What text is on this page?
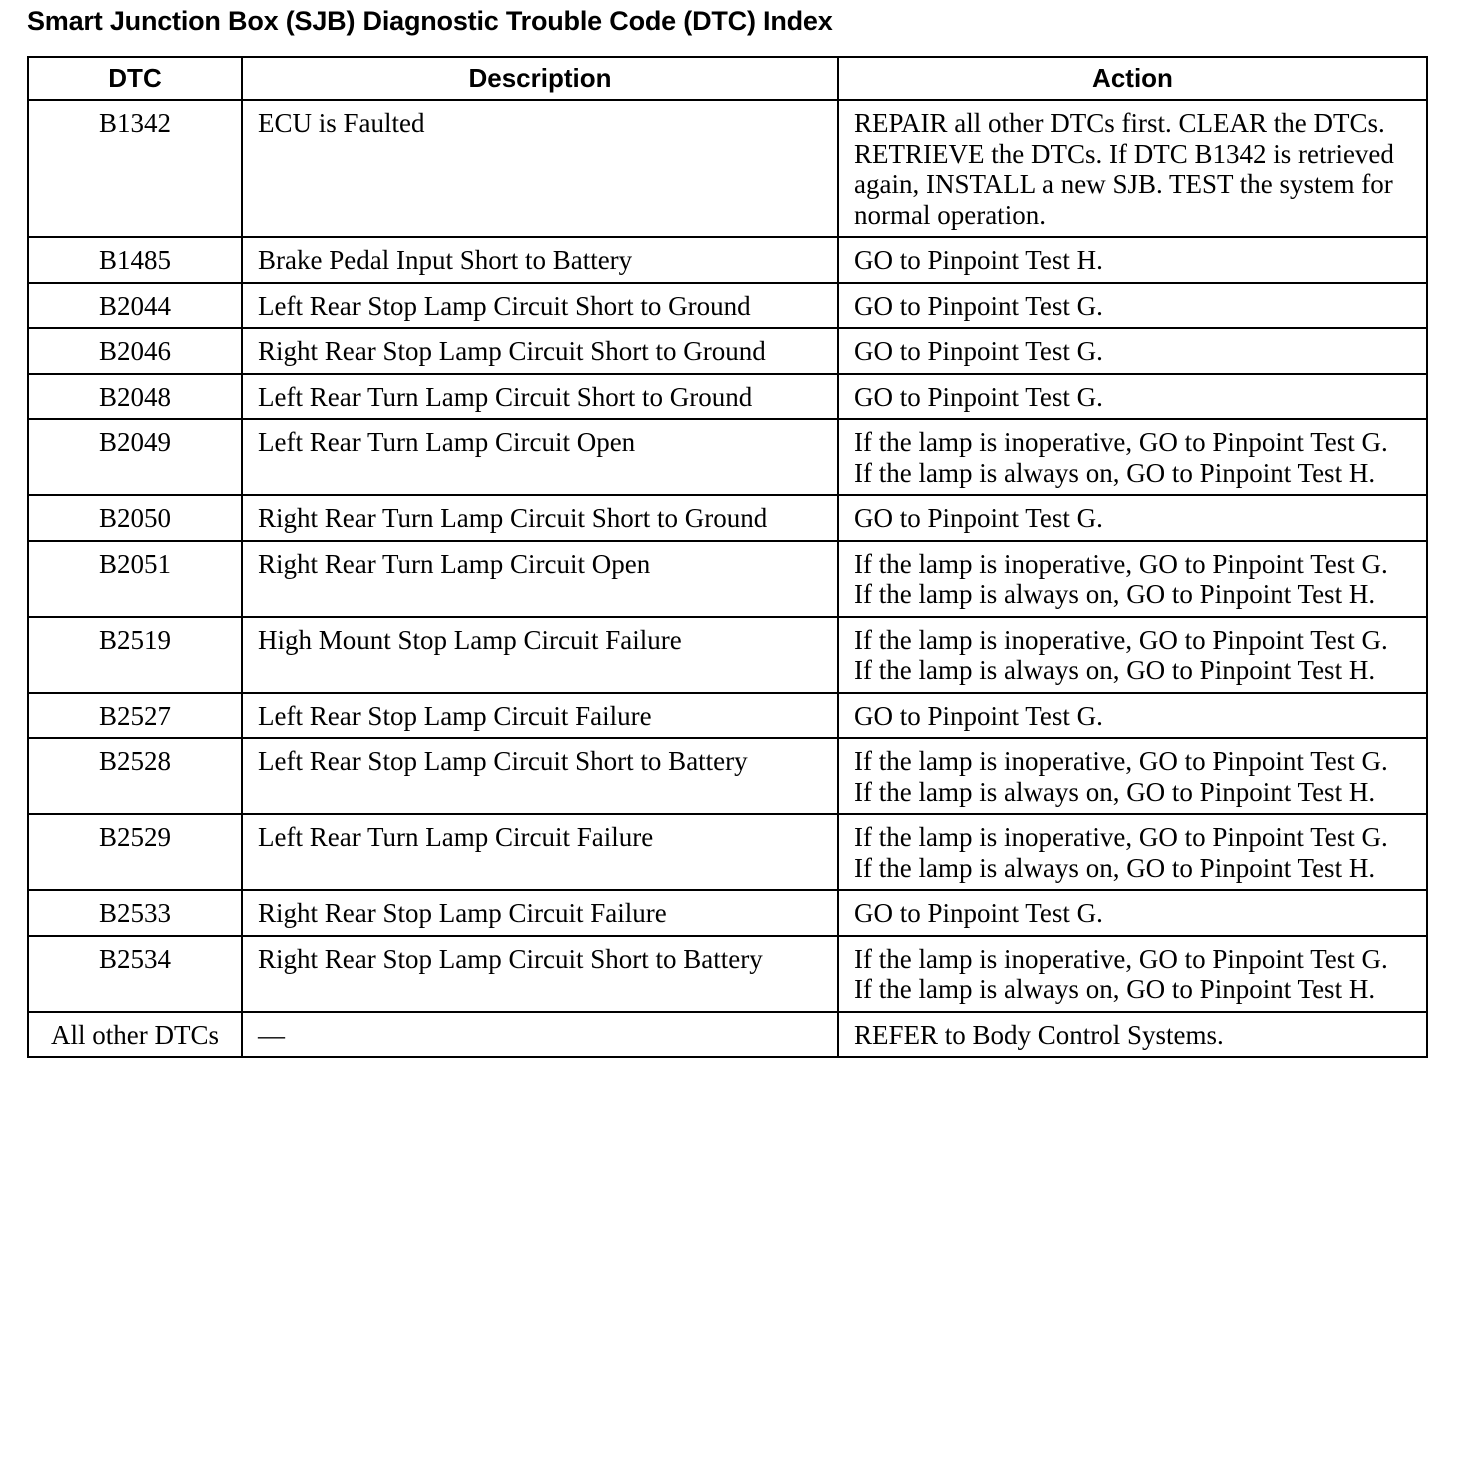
Smart Junction Box (SJB) Diagnostic Trouble Code (DTC) Index
DTC	Description	Action
B1342	ECU is Faulted	REPAIR all other DTCs first. CLEAR the DTCs. RETRIEVE the DTCs. If DTC B1342 is retrieved again, INSTALL a new SJB. TEST the system for normal operation.

B1485	Brake Pedal Input Short to Battery	GO to Pinpoint Test H.

B2044	Left Rear Stop Lamp Circuit Short to Ground	GO to Pinpoint Test G.

B2046	Right Rear Stop Lamp Circuit Short to Ground	GO to Pinpoint Test G.

B2048	Left Rear Turn Lamp Circuit Short to Ground	GO to Pinpoint Test G.

B2049	Left Rear Turn Lamp Circuit Open	If the lamp is inoperative, GO to Pinpoint Test G.
If the lamp is always on, GO to Pinpoint Test H.

B2050	Right Rear Turn Lamp Circuit Short to Ground	GO to Pinpoint Test G.

B2051	Right Rear Turn Lamp Circuit Open	If the lamp is inoperative, GO to Pinpoint Test G.
If the lamp is always on, GO to Pinpoint Test H.

B2519	High Mount Stop Lamp Circuit Failure	If the lamp is inoperative, GO to Pinpoint Test G.
If the lamp is always on, GO to Pinpoint Test H.

B2527	Left Rear Stop Lamp Circuit Failure	GO to Pinpoint Test G.

B2528	Left Rear Stop Lamp Circuit Short to Battery	If the lamp is inoperative, GO to Pinpoint Test G.
If the lamp is always on, GO to Pinpoint Test H.

B2529	Left Rear Turn Lamp Circuit Failure	If the lamp is inoperative, GO to Pinpoint Test G.
If the lamp is always on, GO to Pinpoint Test H.

B2533	Right Rear Stop Lamp Circuit Failure	GO to Pinpoint Test G.

B2534	Right Rear Stop Lamp Circuit Short to Battery	If the lamp is inoperative, GO to Pinpoint Test G.
If the lamp is always on, GO to Pinpoint Test H.

All other DTCs	—	REFER to Body Control Systems.
